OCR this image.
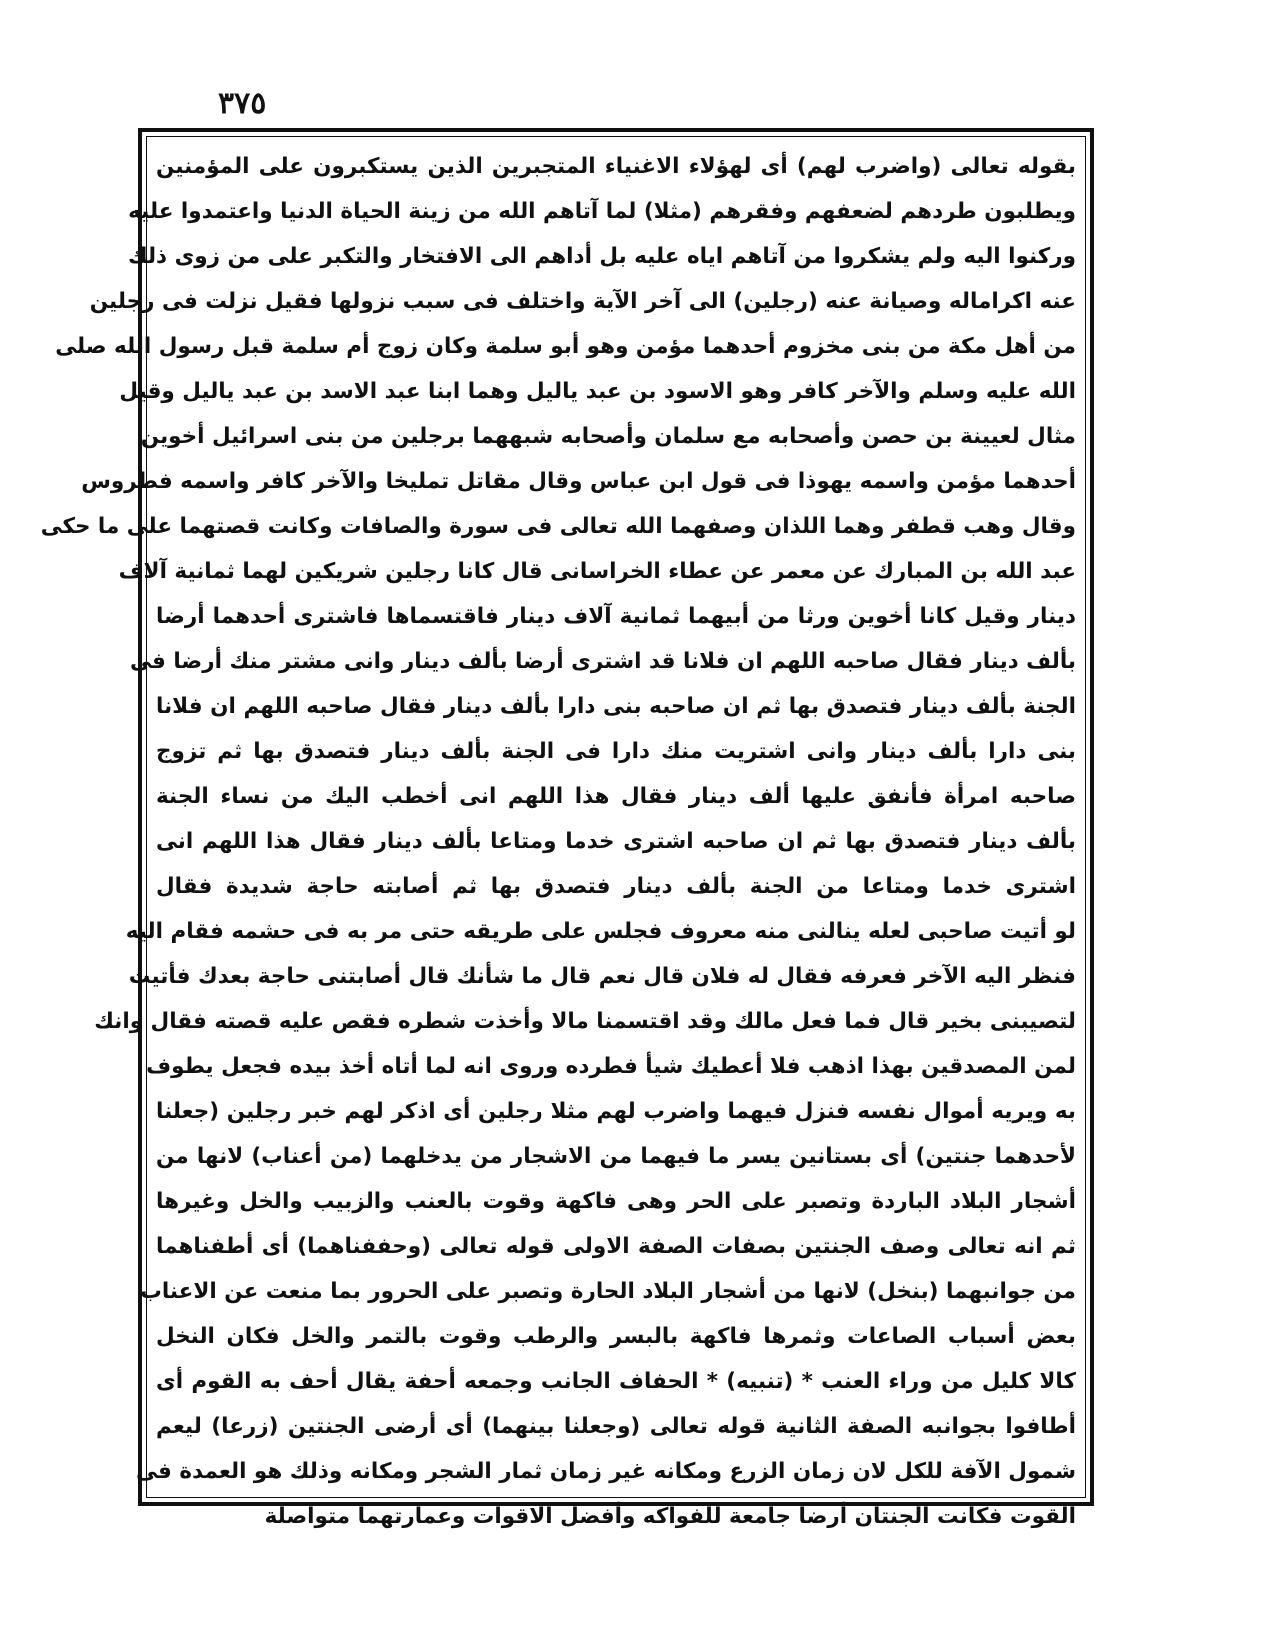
٣٧٥
بقوله تعالى (واضرب لهم) أى لهؤلاء الاغنياء المتجبرين الذين يستكبرون على المؤمنين
ويطلبون طردهم لضعفهم وفقرهم (مثلا) لما آتاهم الله من زينة الحياة الدنيا واعتمدوا عليه
وركنوا اليه ولم يشكروا من آتاهم اياه عليه بل أداهم الى الافتخار والتكبر على من زوى ذلك
عنه اكراماله وصيانة عنه (رجلين) الى آخر الآية واختلف فى سبب نزولها فقيل نزلت فى رجلين
من أهل مكة من بنى مخزوم أحدهما مؤمن وهو أبو سلمة وكان زوج أم سلمة قبل رسول الله صلى
الله عليه وسلم والآخر كافر وهو الاسود بن عبد ياليل وهما ابنا عبد الاسد بن عبد ياليل وقيل
مثال لعيينة بن حصن وأصحابه مع سلمان وأصحابه شبههما برجلين من بنى اسرائيل أخوين
أحدهما مؤمن واسمه يهوذا فى قول ابن عباس وقال مقاتل تمليخا والآخر كافر واسمه فطروس
وقال وهب قطفر وهما اللذان وصفهما الله تعالى فى سورة والصافات وكانت قصتهما على ما حكى
عبد الله بن المبارك عن معمر عن عطاء الخراسانى قال كانا رجلين شريكين لهما ثمانية آلاف
دينار وقيل كانا أخوين ورثا من أبيهما ثمانية آلاف دينار فاقتسماها فاشترى أحدهما أرضا
بألف دينار فقال صاحبه اللهم ان فلانا قد اشترى أرضا بألف دينار وانى مشتر منك أرضا فى
الجنة بألف دينار فتصدق بها ثم ان صاحبه بنى دارا بألف دينار فقال صاحبه اللهم ان فلانا
بنى دارا بألف دينار وانى اشتريت منك دارا فى الجنة بألف دينار فتصدق بها ثم تزوج
صاحبه امرأة فأنفق عليها ألف دينار فقال هذا اللهم انى أخطب اليك من نساء الجنة
بألف دينار فتصدق بها ثم ان صاحبه اشترى خدما ومتاعا بألف دينار فقال هذا اللهم انى
اشترى خدما ومتاعا من الجنة بألف دينار فتصدق بها ثم أصابته حاجة شديدة فقال
لو أتيت صاحبى لعله ينالنى منه معروف فجلس على طريقه حتى مر به فى حشمه فقام اليه
فنظر اليه الآخر فعرفه فقال له فلان قال نعم قال ما شأنك قال أصابتنى حاجة بعدك فأتيت
لتصيبنى بخير قال فما فعل مالك وقد اقتسمنا مالا وأخذت شطره فقص عليه قصته فقال وانك
لمن المصدقين بهذا اذهب فلا أعطيك شيأ فطرده وروى انه لما أتاه أخذ بيده فجعل يطوف
به ويريه أموال نفسه فنزل فيهما واضرب لهم مثلا رجلين أى اذكر لهم خبر رجلين (جعلنا
لأحدهما جنتين) أى بستانين يسر ما فيهما من الاشجار من يدخلهما (من أعناب) لانها من
أشجار البلاد الباردة وتصبر على الحر وهى فاكهة وقوت بالعنب والزبيب والخل وغيرها
ثم انه تعالى وصف الجنتين بصفات الصفة الاولى قوله تعالى (وحففناهما) أى أطفناهما
من جوانبهما (بنخل) لانها من أشجار البلاد الحارة وتصبر على الحرور بما منعت عن الاعناب
بعض أسباب الصاعات وثمرها فاكهة بالبسر والرطب وقوت بالتمر والخل فكان النخل
كالا كليل من وراء العنب * (تنبيه) * الحفاف الجانب وجمعه أحفة يقال أحف به القوم أى
أطافوا بجوانبه الصفة الثانية قوله تعالى (وجعلنا بينهما) أى أرضى الجنتين (زرعا) ليعم
شمول الآفة للكل لان زمان الزرع ومكانه غير زمان ثمار الشجر ومكانه وذلك هو العمدة فى
القوت فكانت الجنتان أرضا جامعة للفواكه وأفضل الاقوات وعمارتهما متواصلة
